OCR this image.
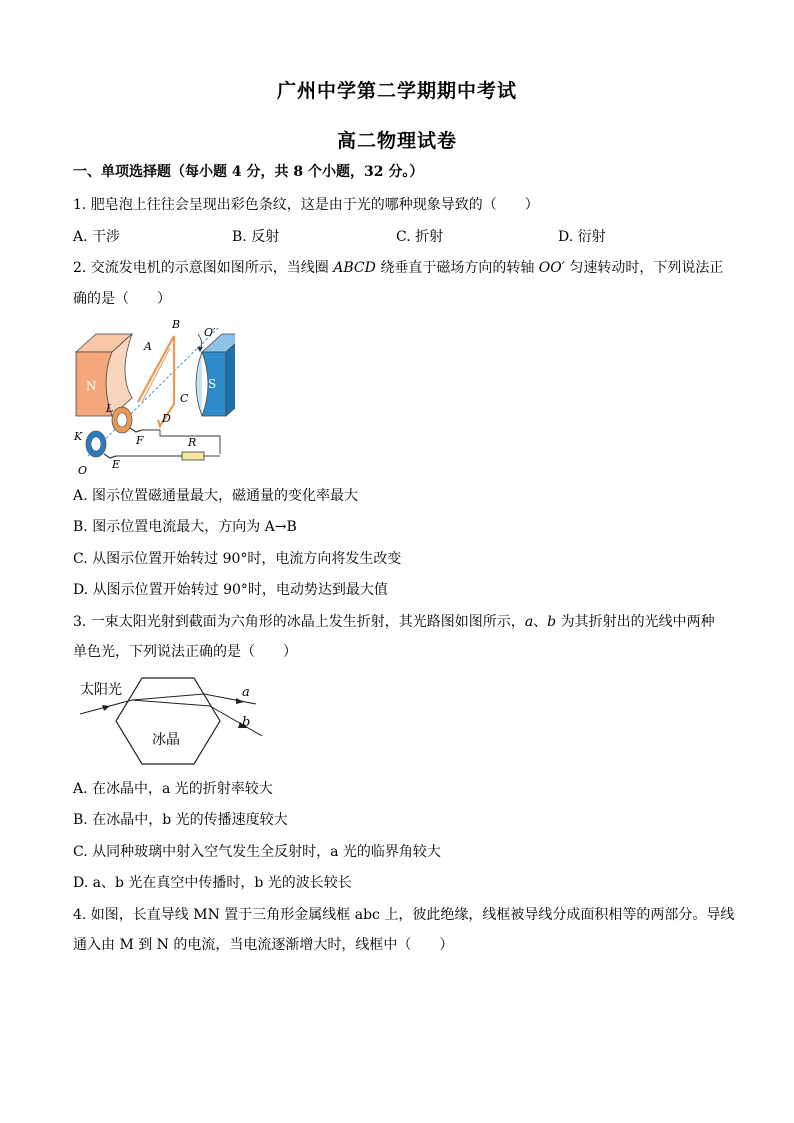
广州中学第二学期期中考试
高二物理试卷
一、单项选择题（每小题 4 分，共 8 个小题，32 分。）
1. 肥皂泡上往往会呈现出彩色条纹，这是由于光的哪种现象导致的（　　）
A. 干涉	B. 反射	C. 折射	D. 衍射
2. 交流发电机的示意图如图所示，当线圈 ABCD 绕垂直于磁场方向的转轴 OO′ 匀速转动时，下列说法正
确的是（　　）
N	S
A
B
C
D
O′
L
K
O
F
E
R
A. 图示位置磁通量最大，磁通量的变化率最大
B. 图示位置电流最大，方向为 A→B
C. 从图示位置开始转过 90°时，电流方向将发生改变
D. 从图示位置开始转过 90°时，电动势达到最大值
3. 一束太阳光射到截面为六角形的冰晶上发生折射，其光路图如图所示，a、b 为其折射出的光线中两种
单色光，下列说法正确的是（　　）
太阳光
冰晶
a
b
A. 在冰晶中，a 光的折射率较大
B. 在冰晶中，b 光的传播速度较大
C. 从同种玻璃中射入空气发生全反射时，a 光的临界角较大
D. a、b 光在真空中传播时，b 光的波长较长
4. 如图，长直导线 MN 置于三角形金属线框 abc 上，彼此绝缘，线框被导线分成面积相等的两部分。导线
通入由 M 到 N 的电流，当电流逐渐增大时，线框中（　　）
